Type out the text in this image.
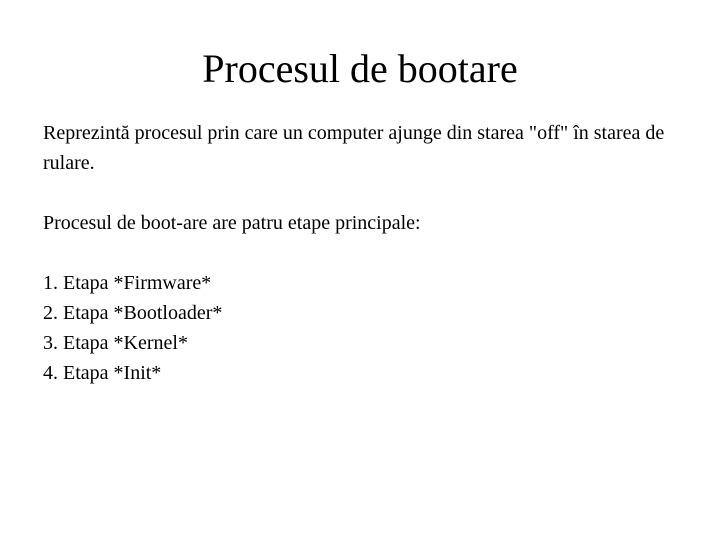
Procesul de bootare

Reprezintă procesul prin care un computer ajunge din starea "off" în starea de rulare.

Procesul de boot-are are patru etape principale:

1. Etapa *Firmware*
2. Etapa *Bootloader*
3. Etapa *Kernel*
4. Etapa *Init*
